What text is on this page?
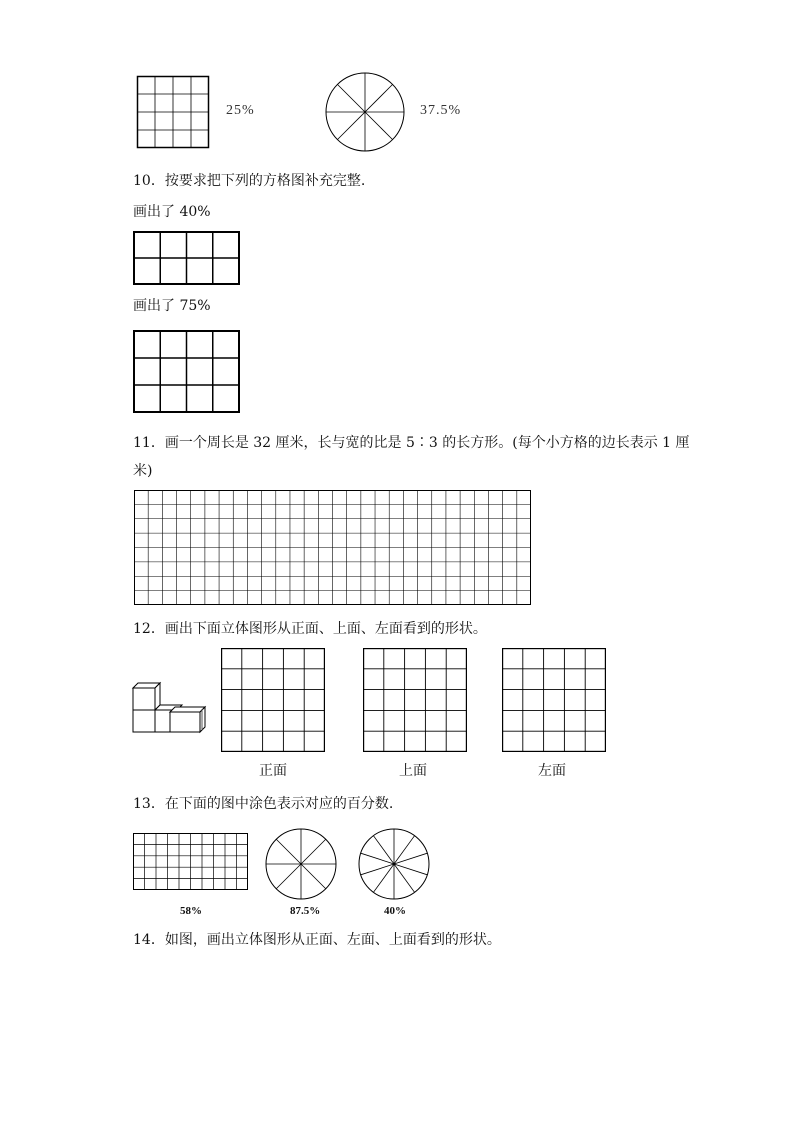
25%	37.5%
10．按要求把下列的方格图补充完整.
画出了 40%
画出了 75%
11．画一个周长是 32 厘米，长与宽的比是 5∶3 的长方形。(每个小方格的边长表示 1 厘
米)
12．画出下面立体图形从正面、上面、左面看到的形状。
正面	上面	左面
13．在下面的图中涂色表示对应的百分数.
58%	87.5%	40%
14．如图，画出立体图形从正面、左面、上面看到的形状。
